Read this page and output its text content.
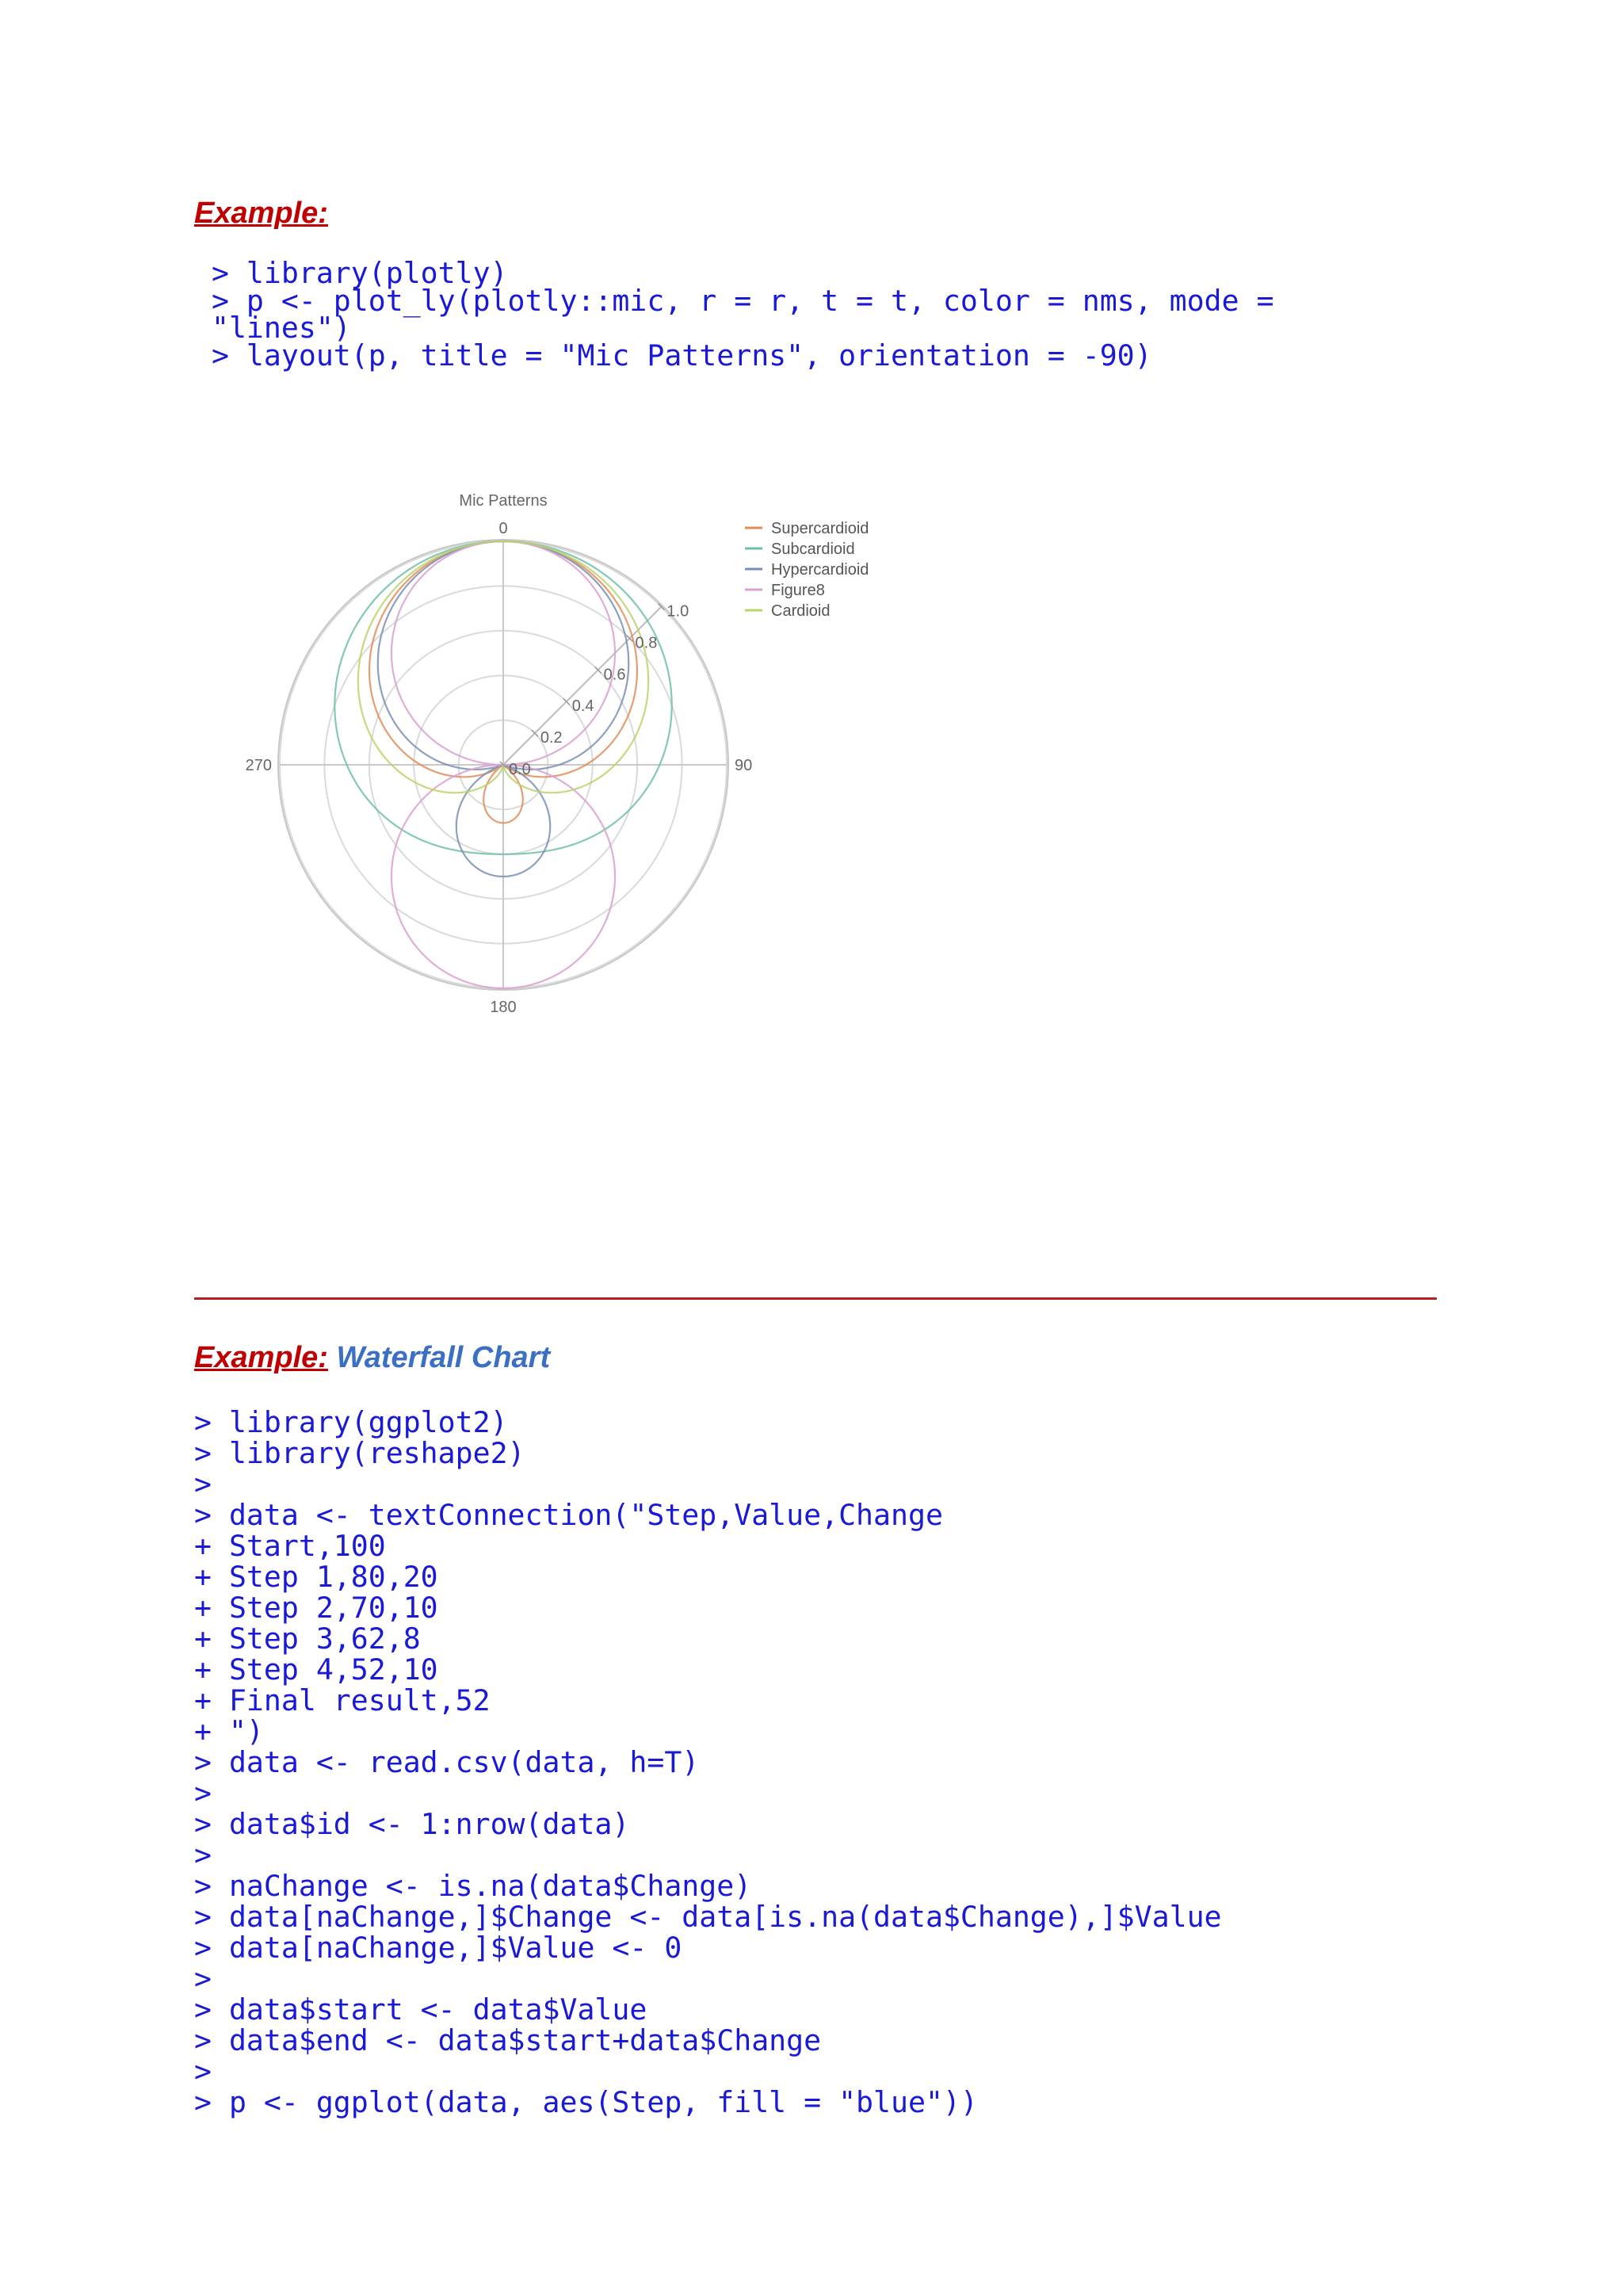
Example:
> library(plotly)
> p <- plot_ly(plotly::mic, r = r, t = t, color = nms, mode =
"lines")
> layout(p, title = "Mic Patterns", orientation = -90)
Mic Patterns
0
90
180
270	0.0
0.2
0.4
0.6
0.8
1.0
Supercardioid
Subcardioid
Hypercardioid
Figure8
Cardioid
Example: Waterfall Chart
> library(ggplot2)
> library(reshape2)
>
> data <- textConnection("Step,Value,Change
+ Start,100
+ Step 1,80,20
+ Step 2,70,10
+ Step 3,62,8
+ Step 4,52,10
+ Final result,52
+ ")
> data <- read.csv(data, h=T)
>
> data$id <- 1:nrow(data)
>
> naChange <- is.na(data$Change)
> data[naChange,]$Change <- data[is.na(data$Change),]$Value
> data[naChange,]$Value <- 0
>
> data$start <- data$Value
> data$end <- data$start+data$Change
>
> p <- ggplot(data, aes(Step, fill = "blue"))
